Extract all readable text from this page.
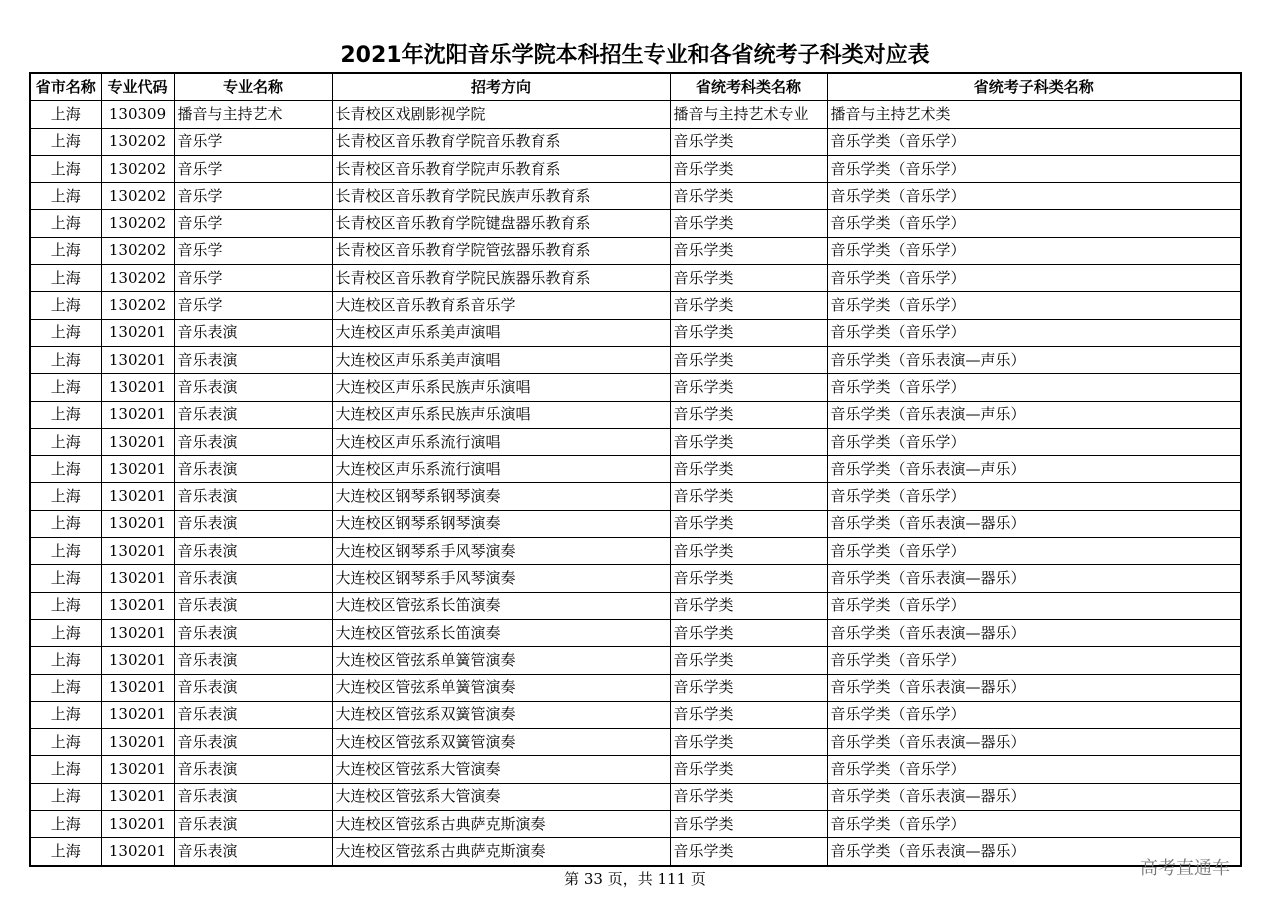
2021年沈阳音乐学院本科招生专业和各省统考子科类对应表
省市名称	专业代码	专业名称	招考方向	省统考科类名称	省统考子科类名称
上海	130309	播音与主持艺术	长青校区戏剧影视学院	播音与主持艺术专业	播音与主持艺术类
上海	130202	音乐学	长青校区音乐教育学院音乐教育系	音乐学类	音乐学类（音乐学）
上海	130202	音乐学	长青校区音乐教育学院声乐教育系	音乐学类	音乐学类（音乐学）
上海	130202	音乐学	长青校区音乐教育学院民族声乐教育系	音乐学类	音乐学类（音乐学）
上海	130202	音乐学	长青校区音乐教育学院键盘器乐教育系	音乐学类	音乐学类（音乐学）
上海	130202	音乐学	长青校区音乐教育学院管弦器乐教育系	音乐学类	音乐学类（音乐学）
上海	130202	音乐学	长青校区音乐教育学院民族器乐教育系	音乐学类	音乐学类（音乐学）
上海	130202	音乐学	大连校区音乐教育系音乐学	音乐学类	音乐学类（音乐学）
上海	130201	音乐表演	大连校区声乐系美声演唱	音乐学类	音乐学类（音乐学）
上海	130201	音乐表演	大连校区声乐系美声演唱	音乐学类	音乐学类（音乐表演—声乐）
上海	130201	音乐表演	大连校区声乐系民族声乐演唱	音乐学类	音乐学类（音乐学）
上海	130201	音乐表演	大连校区声乐系民族声乐演唱	音乐学类	音乐学类（音乐表演—声乐）
上海	130201	音乐表演	大连校区声乐系流行演唱	音乐学类	音乐学类（音乐学）
上海	130201	音乐表演	大连校区声乐系流行演唱	音乐学类	音乐学类（音乐表演—声乐）
上海	130201	音乐表演	大连校区钢琴系钢琴演奏	音乐学类	音乐学类（音乐学）
上海	130201	音乐表演	大连校区钢琴系钢琴演奏	音乐学类	音乐学类（音乐表演—器乐）
上海	130201	音乐表演	大连校区钢琴系手风琴演奏	音乐学类	音乐学类（音乐学）
上海	130201	音乐表演	大连校区钢琴系手风琴演奏	音乐学类	音乐学类（音乐表演—器乐）
上海	130201	音乐表演	大连校区管弦系长笛演奏	音乐学类	音乐学类（音乐学）
上海	130201	音乐表演	大连校区管弦系长笛演奏	音乐学类	音乐学类（音乐表演—器乐）
上海	130201	音乐表演	大连校区管弦系单簧管演奏	音乐学类	音乐学类（音乐学）
上海	130201	音乐表演	大连校区管弦系单簧管演奏	音乐学类	音乐学类（音乐表演—器乐）
上海	130201	音乐表演	大连校区管弦系双簧管演奏	音乐学类	音乐学类（音乐学）
上海	130201	音乐表演	大连校区管弦系双簧管演奏	音乐学类	音乐学类（音乐表演—器乐）
上海	130201	音乐表演	大连校区管弦系大管演奏	音乐学类	音乐学类（音乐学）
上海	130201	音乐表演	大连校区管弦系大管演奏	音乐学类	音乐学类（音乐表演—器乐）
上海	130201	音乐表演	大连校区管弦系古典萨克斯演奏	音乐学类	音乐学类（音乐学）
上海	130201	音乐表演	大连校区管弦系古典萨克斯演奏	音乐学类	音乐学类（音乐表演—器乐）
第 33 页，共 111 页	高考直通车
